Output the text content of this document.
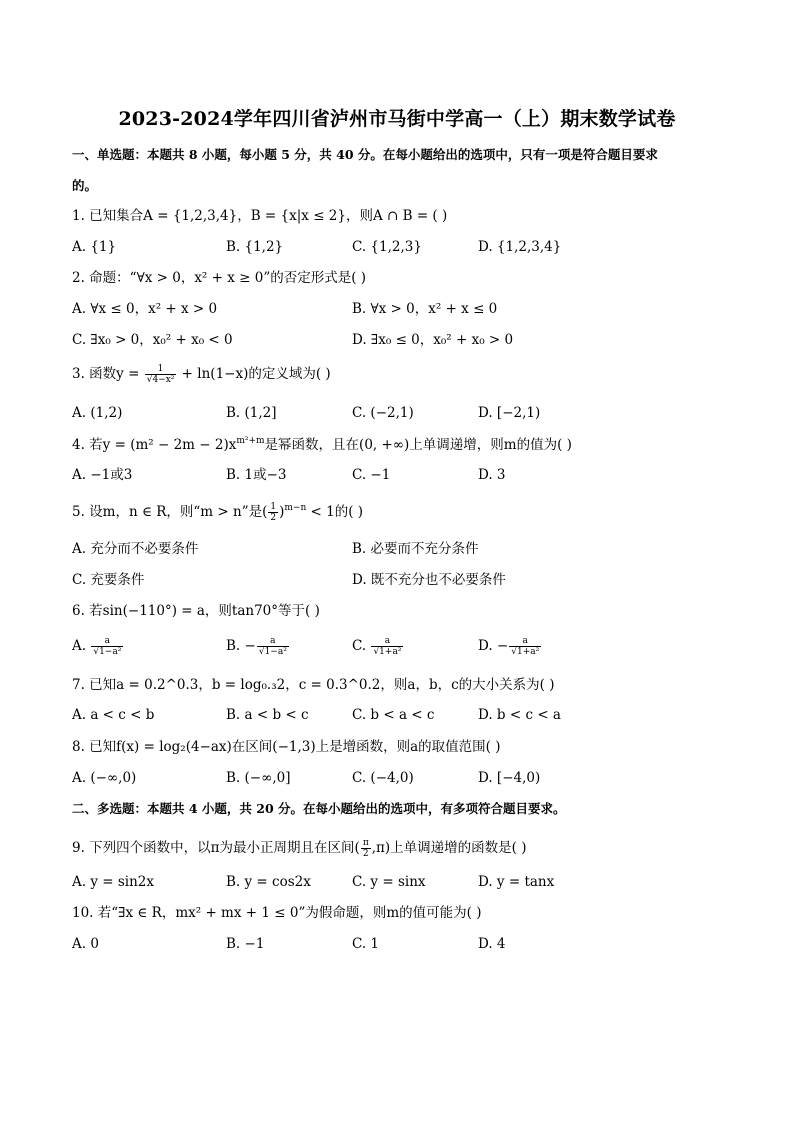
2023-2024学年四川省泸州市马街中学高一（上）期末数学试卷
一、单选题：本题共 8 小题，每小题 5 分，共 40 分。在每小题给出的选项中，只有一项是符合题目要求
的。
1. 已知集合A = {1,2,3,4}，B = {x|x ≤ 2}，则A ∩ B = ( )
A. {1}	B. {1,2}	C. {1,2,3}	D. {1,2,3,4}
2. 命题：“∀x > 0，x² + x ≥ 0”的否定形式是( )
A. ∀x ≤ 0，x² + x > 0	B. ∀x > 0，x² + x ≤ 0
C. ∃x₀ > 0，x₀² + x₀ < 0	D. ∃x₀ ≤ 0，x₀² + x₀ > 0
3. 函数$y = \frac{1}{\text{√4−x²}} + \ln(1-x)$的定义域为( )
A. (1,2)	B. (1,2]	C. (−2,1)	D. [−2,1)
4. 若$y = (m^2 - 2m - 2)x^{m^2+m}$是幂函数，且在(0, +∞)上单调递增，则m的值为( )
A. −1或3	B. 1或−3	C. −1	D. 3
5. 设m，n ∈ R，则“m > n”是( $\frac{1}{2} )^{m-n} < 1$的( )
A. 充分而不必要条件	B. 必要而不充分条件
C. 充要条件	D. 既不充分也不必要条件
6. 若sin(−110°) = a，则tan70°等于( )
A. $\frac{a}{\text{√1−a²}}$	B. − $\frac{a}{\text{√1−a²}}$	C. $\frac{a}{\text{√1+a²}}$	D. − $\frac{a}{\text{√1+a²}}$
7. 已知a = 0.2^0.3，b = log₀.₃2，c = 0.3^0.2，则a，b，c的大小关系为( )
A. a < c < b	B. a < b < c	C. b < a < c	D. b < c < a
8. 已知f(x) = log₂(4−ax)在区间(−1,3)上是增函数，则a的取值范围( )
A. (−∞,0)	B. (−∞,0]	C. (−4,0)	D. [−4,0)
二、多选题：本题共 4 小题，共 20 分。在每小题给出的选项中，有多项符合题目要求。
9. 下列四个函数中，以π为最小正周期且在区间( $\frac{\pi}{2} ,\pi$)上单调递增的函数是( )
A. y = sin2x	B. y = cos2x	C. y = sinx	D. y = tanx
10. 若“∃x ∈ R，mx² + mx + 1 ≤ 0”为假命题，则m的值可能为( )
A. 0	B. −1	C. 1	D. 4
